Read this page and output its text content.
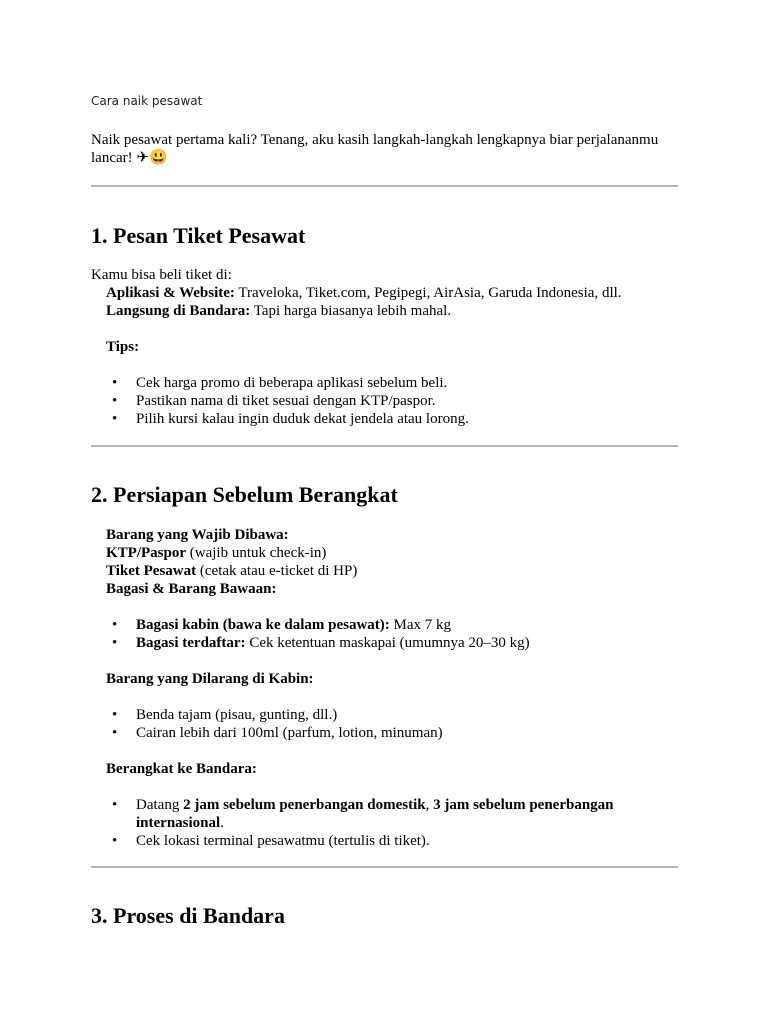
Cara naik pesawat
Naik pesawat pertama kali? Tenang, aku kasih langkah-langkah lengkapnya biar perjalananmu lancar! ✈😃
1. Pesan Tiket Pesawat
Kamu bisa beli tiket di:
Aplikasi & Website: Traveloka, Tiket.com, Pegipegi, AirAsia, Garuda Indonesia, dll.
Langsung di Bandara: Tapi harga biasanya lebih mahal.
Tips:
• Cek harga promo di beberapa aplikasi sebelum beli.
• Pastikan nama di tiket sesuai dengan KTP/paspor.
• Pilih kursi kalau ingin duduk dekat jendela atau lorong.
2. Persiapan Sebelum Berangkat
Barang yang Wajib Dibawa:
KTP/Paspor (wajib untuk check-in)
Tiket Pesawat (cetak atau e-ticket di HP)
Bagasi & Barang Bawaan:
• Bagasi kabin (bawa ke dalam pesawat): Max 7 kg
• Bagasi terdaftar: Cek ketentuan maskapai (umumnya 20–30 kg)
Barang yang Dilarang di Kabin:
• Benda tajam (pisau, gunting, dll.)
• Cairan lebih dari 100ml (parfum, lotion, minuman)
Berangkat ke Bandara:
• Datang 2 jam sebelum penerbangan domestik, 3 jam sebelum penerbangan
internasional.
• Cek lokasi terminal pesawatmu (tertulis di tiket).
3. Proses di Bandara
